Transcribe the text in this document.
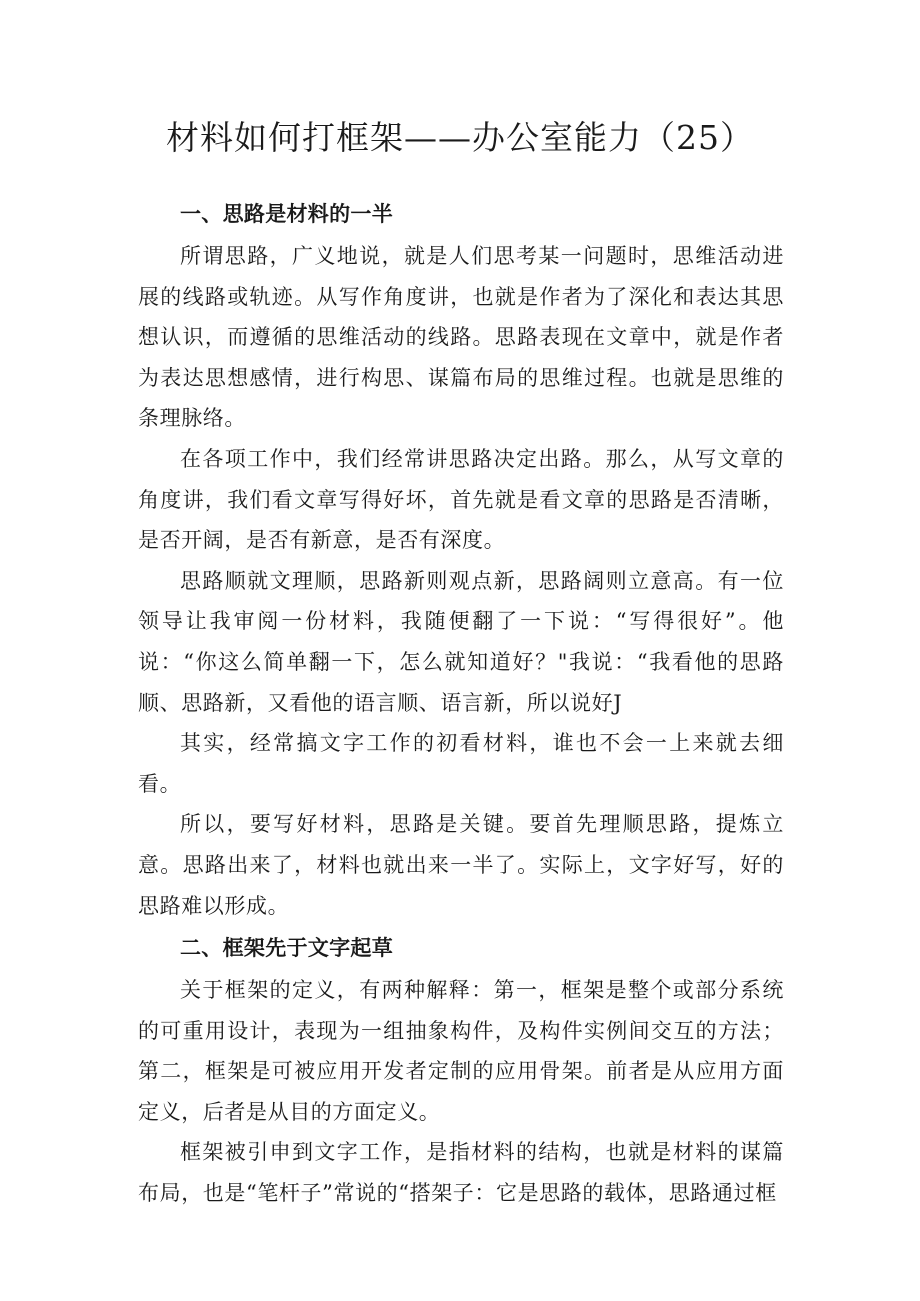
材料如何打框架——办公室能力（25）
一、思路是材料的一半

所谓思路，广义地说，就是人们思考某一问题时，思维活动进展的线路或轨迹。从写作角度讲，也就是作者为了深化和表达其思想认识，而遵循的思维活动的线路。思路表现在文章中，就是作者为表达思想感情，进行构思、谋篇布局的思维过程。也就是思维的条理脉络。

在各项工作中，我们经常讲思路决定出路。那么，从写文章的角度讲，我们看文章写得好坏，首先就是看文章的思路是否清晰，是否开阔，是否有新意，是否有深度。

思路顺就文理顺，思路新则观点新，思路阔则立意高。有一位领导让我审阅一份材料，我随便翻了一下说：“写得很好”。他说：“你这么简单翻一下，怎么就知道好？"我说：“我看他的思路顺、思路新，又看他的语言顺、语言新，所以说好J

其实，经常搞文字工作的初看材料，谁也不会一上来就去细看。

所以，要写好材料，思路是关键。要首先理顺思路，提炼立意。思路出来了，材料也就出来一半了。实际上，文字好写，好的思路难以形成。

二、框架先于文字起草

关于框架的定义，有两种解释：第一，框架是整个或部分系统的可重用设计，表现为一组抽象构件，及构件实例间交互的方法；第二，框架是可被应用开发者定制的应用骨架。前者是从应用方面定义，后者是从目的方面定义。

框架被引申到文字工作，是指材料的结构，也就是材料的谋篇布局，也是“笔杆子”常说的“搭架子：它是思路的载体，思路通过框
